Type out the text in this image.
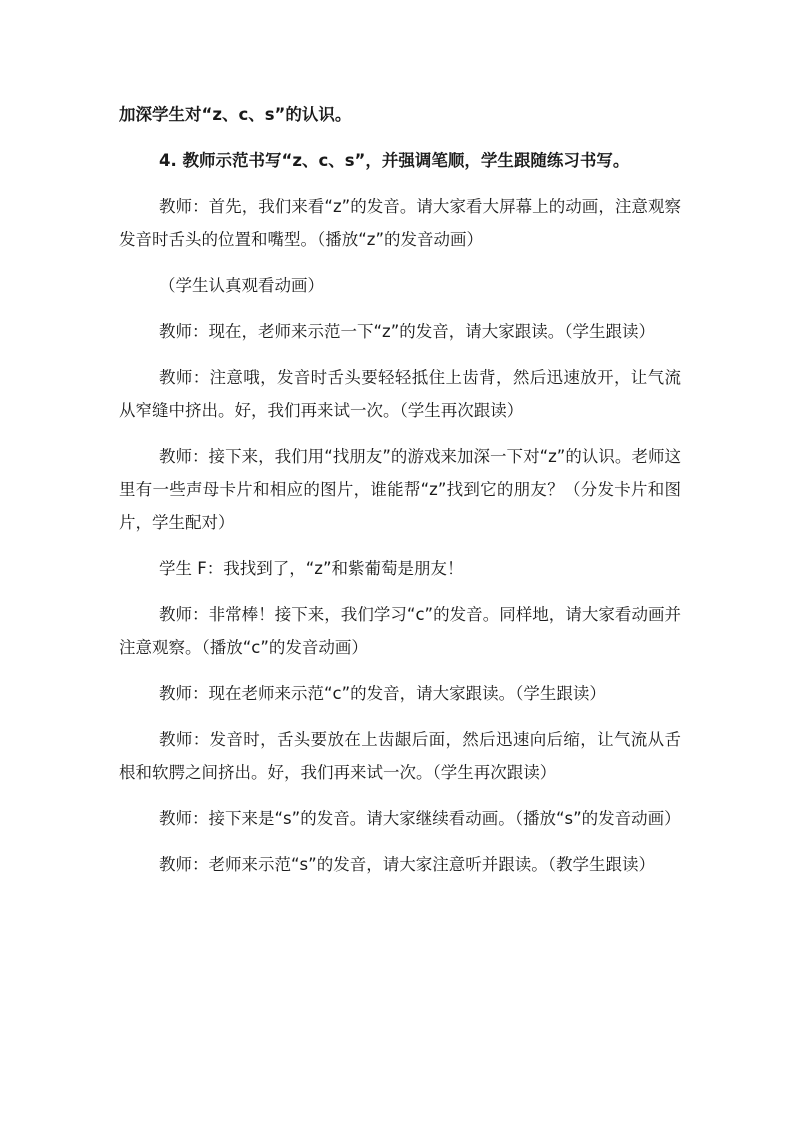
加深学生对“z、c、s”的认识。

4. 教师示范书写“z、c、s”，并强调笔顺，学生跟随练习书写。

教师：首先，我们来看“z”的发音。请大家看大屏幕上的动画，注意观察发音时舌头的位置和嘴型。（播放“z”的发音动画）

（学生认真观看动画）

教师：现在，老师来示范一下“z”的发音，请大家跟读。（学生跟读）

教师：注意哦，发音时舌头要轻轻抵住上齿背，然后迅速放开，让气流从窄缝中挤出。好，我们再来试一次。（学生再次跟读）

教师：接下来，我们用“找朋友”的游戏来加深一下对“z”的认识。老师这里有一些声母卡片和相应的图片，谁能帮“z”找到它的朋友？（分发卡片和图片，学生配对）

学生 F：我找到了，“z”和紫葡萄是朋友！

教师：非常棒！接下来，我们学习“c”的发音。同样地，请大家看动画并注意观察。（播放“c”的发音动画）

教师：现在老师来示范“c”的发音，请大家跟读。（学生跟读）

教师：发音时，舌头要放在上齿龈后面，然后迅速向后缩，让气流从舌根和软腭之间挤出。好，我们再来试一次。（学生再次跟读）

教师：接下来是“s”的发音。请大家继续看动画。（播放“s”的发音动画）

教师：老师来示范“s”的发音，请大家注意听并跟读。（教学生跟读）
